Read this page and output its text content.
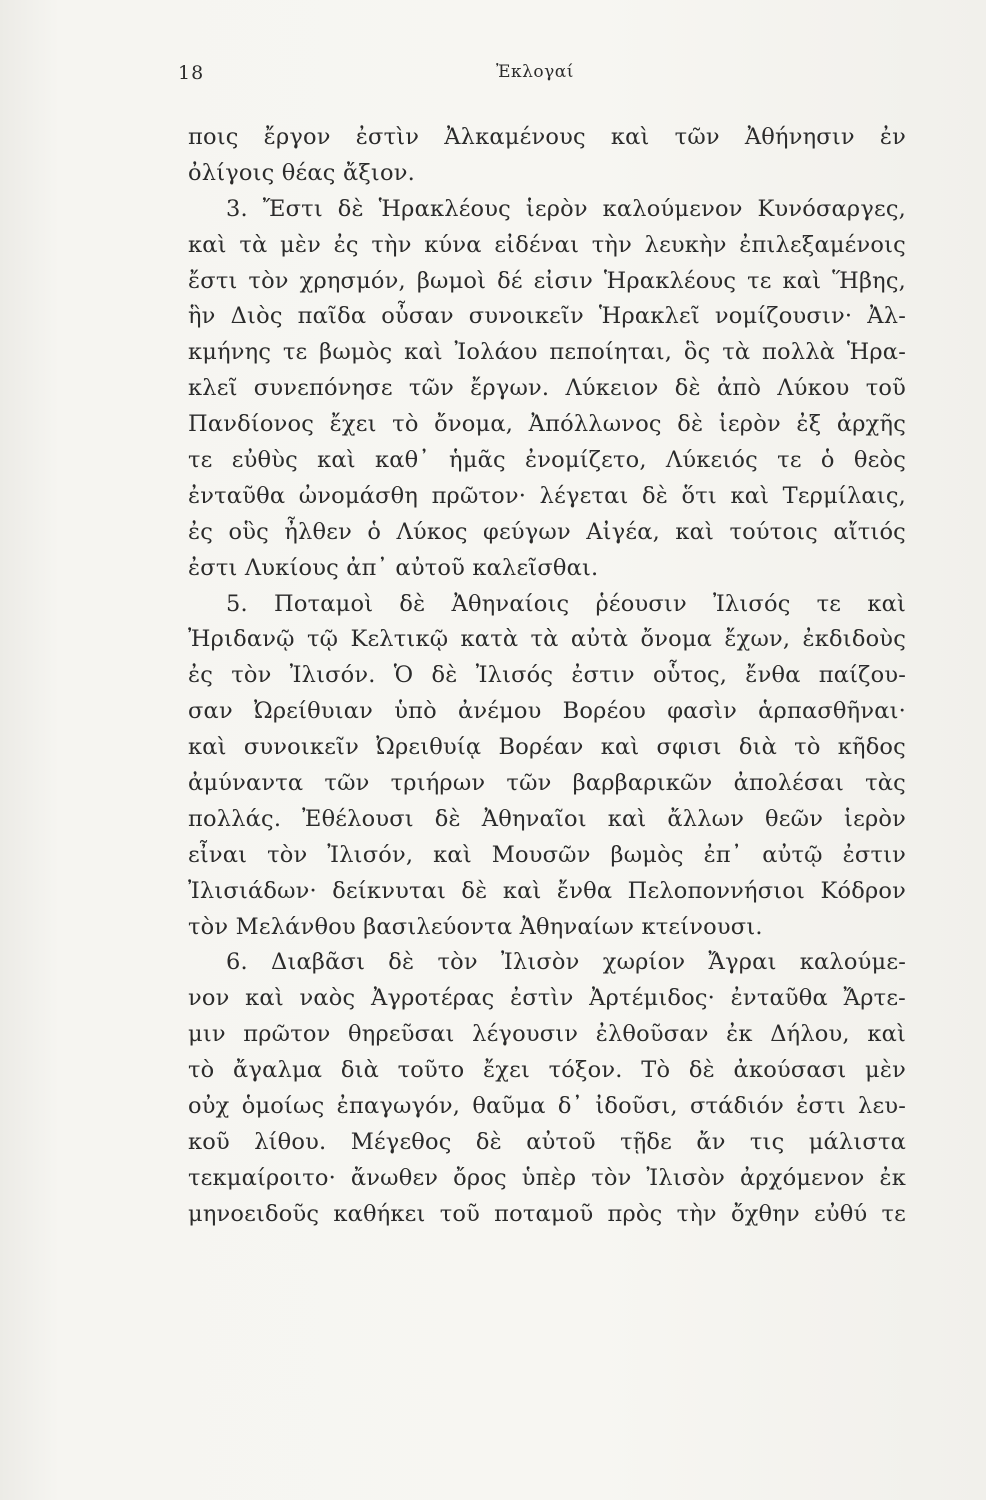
18	Ἐκλογαί
ποις ἔργον ἐστὶν Ἀλκαμένους καὶ τῶν Ἀθήνησιν ἐν
ὀλίγοις θέας ἄξιον.
3. Ἔστι δὲ Ἡρακλέους ἱερὸν καλούμενον Κυνόσαργες,
καὶ τὰ μὲν ἐς τὴν κύνα εἰδέναι τὴν λευκὴν ἐπιλεξαμένοις
ἔστι τὸν χρησμόν, βωμοὶ δέ εἰσιν Ἡρακλέους τε καὶ Ἥβης,
ἣν Διὸς παῖδα οὖσαν συνοικεῖν Ἡρακλεῖ νομίζουσιν· Ἀλ-
κμήνης τε βωμὸς καὶ Ἰολάου πεποίηται, ὃς τὰ πολλὰ Ἡρα-
κλεῖ συνεπόνησε τῶν ἔργων. Λύκειον δὲ ἀπὸ Λύκου τοῦ
Πανδίονος ἔχει τὸ ὄνομα, Ἀπόλλωνος δὲ ἱερὸν ἐξ ἀρχῆς
τε εὐθὺς καὶ καθ᾽ ἡμᾶς ἐνομίζετο, Λύκειός τε ὁ θεὸς
ἐνταῦθα ὠνομάσθη πρῶτον· λέγεται δὲ ὅτι καὶ Τερμίλαις,
ἐς οὓς ἦλθεν ὁ Λύκος φεύγων Αἰγέα, καὶ τούτοις αἴτιός
ἐστι Λυκίους ἀπ᾽ αὐτοῦ καλεῖσθαι.
5. Ποταμοὶ δὲ Ἀθηναίοις ῥέουσιν Ἰλισός τε καὶ
Ἠριδανῷ τῷ Κελτικῷ κατὰ τὰ αὐτὰ ὄνομα ἔχων, ἐκδιδοὺς
ἐς τὸν Ἰλισόν. Ὁ δὲ Ἰλισός ἐστιν οὗτος, ἔνθα παίζου-
σαν Ὠρείθυιαν ὑπὸ ἀνέμου Βορέου φασὶν ἁρπασθῆναι·
καὶ συνοικεῖν Ὠρειθυίᾳ Βορέαν καὶ σφισι διὰ τὸ κῆδος
ἀμύναντα τῶν τριήρων τῶν βαρβαρικῶν ἀπολέσαι τὰς
πολλάς. Ἐθέλουσι δὲ Ἀθηναῖοι καὶ ἄλλων θεῶν ἱερὸν
εἶναι τὸν Ἰλισόν, καὶ Μουσῶν βωμὸς ἐπ᾽ αὐτῷ ἐστιν
Ἰλισιάδων· δείκνυται δὲ καὶ ἔνθα Πελοποννήσιοι Κόδρον
τὸν Μελάνθου βασιλεύοντα Ἀθηναίων κτείνουσι.
6. Διαβᾶσι δὲ τὸν Ἰλισὸν χωρίον Ἄγραι καλούμε-
νον καὶ ναὸς Ἀγροτέρας ἐστὶν Ἀρτέμιδος· ἐνταῦθα Ἄρτε-
μιν πρῶτον θηρεῦσαι λέγουσιν ἐλθοῦσαν ἐκ Δήλου, καὶ
τὸ ἄγαλμα διὰ τοῦτο ἔχει τόξον. Τὸ δὲ ἀκούσασι μὲν
οὐχ ὁμοίως ἐπαγωγόν, θαῦμα δ᾽ ἰδοῦσι, στάδιόν ἐστι λευ-
κοῦ λίθου. Μέγεθος δὲ αὐτοῦ τῇδε ἄν τις μάλιστα
τεκμαίροιτο· ἄνωθεν ὄρος ὑπὲρ τὸν Ἰλισὸν ἀρχόμενον ἐκ
μηνοειδοῦς καθήκει τοῦ ποταμοῦ πρὸς τὴν ὄχθην εὐθύ τε
